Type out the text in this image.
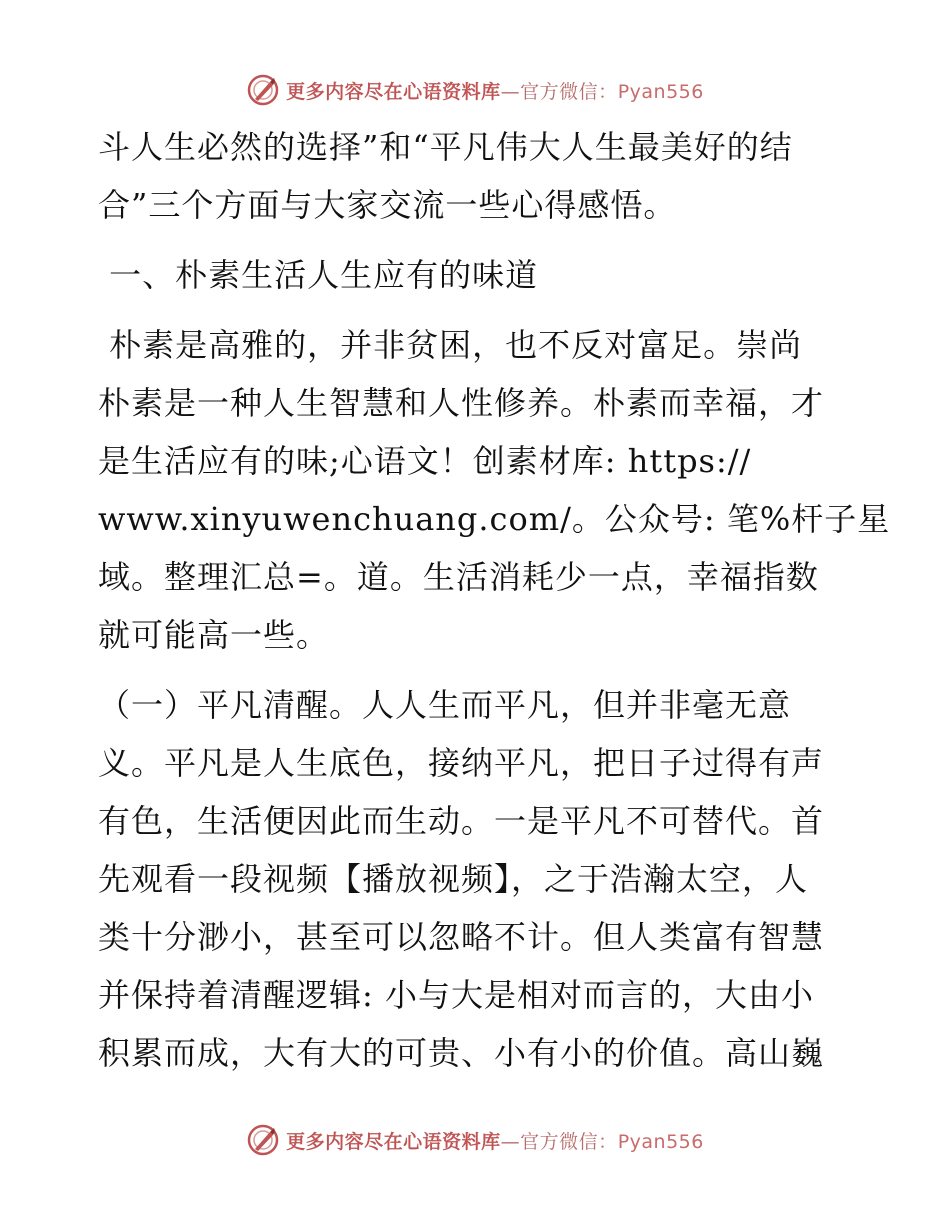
更多内容尽在心语资料库—官方微信：Pyan556

斗人生必然的选择”和“平凡伟大人生最美好的结
合”三个方面与大家交流一些心得感悟。

一、朴素生活人生应有的味道

朴素是高雅的，并非贫困，也不反对富足。崇尚
朴素是一种人生智慧和人性修养。朴素而幸福，才
是生活应有的味;心语文！创素材库: https://
www.xinyuwenchuang.com/。公众号: 笔%杆子星
域。整理汇总=。道。生活消耗少一点，幸福指数
就可能高一些。

（一）平凡清醒。人人生而平凡，但并非毫无意
义。平凡是人生底色，接纳平凡，把日子过得有声
有色，生活便因此而生动。一是平凡不可替代。首
先观看一段视频【播放视频】，之于浩瀚太空，人
类十分渺小，甚至可以忽略不计。但人类富有智慧
并保持着清醒逻辑: 小与大是相对而言的，大由小
积累而成，大有大的可贵、小有小的价值。高山巍

更多内容尽在心语资料库—官方微信：Pyan556
